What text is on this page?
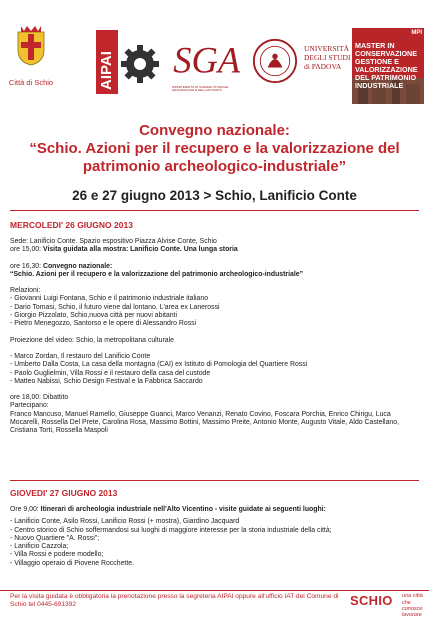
Città di Schio	AIPAI SGA
DIPARTIMENTO DI SCIENZE STORICHE GEOGRAFICHE E DELL'ANTICHITÀ
UNIVERSITÀ
DEGLI STUDI
di PADOVA
MPI
MASTER IN CONSERVAZIONE GESTIONE E VALORIZZAZIONE DEL PATRIMONIO INDUSTRIALE

Convegno nazionale:

“Schio. Azioni per il recupero e la valorizzazione del patrimonio archeologico-industriale”

26 e 27 giugno 2013 > Schio, Lanificio Conte
MERCOLEDI' 26 GIUGNO 2013

Sede: Lanificio Conte. Spazio espositivo Piazza Alvise Conte, Schio

ore 15,00: Visita guidata alla mostra: Lanificio Conte. Una lunga storia

ore 16,30: Convegno nazionale:

“Schio. Azioni per il recupero e la valorizzazione del patrimonio archeologico-industriale”

Relazioni:

- Giovanni Luigi Fontana, Schio e il patrimonio industriale italiano

- Dario Tomasi, Schio, il futuro viene dal lontano. L'area ex Lanerossi

- Giorgio Pizzolato, Schio,nuova città per nuovi abitanti

- Pietro Menegozzo, Santorso e le opere di Alessandro Rossi

Proiezione del video: Schio, la metropolitana culturale

- Marco Zordan, Il restauro del Lanificio Conte

- Umberto Dalla Costa, La casa della montagna (CAI) ex Istituto di Pomologia del Quartiere Rossi

- Paolo Guglielmin, Villa Rossi e il restauro della casa del custode

- Matteo Nabissi, Schio Design Festival e la Fabbrica Saccardo

ore 18,00: Dibattito

Partecipano:

Franco Mancuso, Manuel Ramello, Giuseppe Guanci, Marco Venanzi, Renato Covino, Foscara Porchia, Enrico Chirigu, Luca Mocarelli, Rossella Del Prete, Carolina Rosa, Massimo Bottini, Massimo Preite, Antonio Monte, Augusto Vitale, Aldo Castellano, Cristiana Torti, Rossella Maspoli

GIOVEDI' 27 GIUGNO 2013

Ore 9,00: Itinerari di archeologia industriale nell'Alto Vicentino - visite guidate ai seguenti luoghi:

- Lanificio Conte, Asilo Rossi, Lanificio Rossi (+ mostra), Giardino Jacquard

- Centro storico di Schio soffermandosi sui luoghi di maggiore interesse per la storia industriale della città;

- Nuovo Quartiere "A. Rossi";

- Lanificio Cazzola;

- Villa Rossi e podere modello;

- Villaggio operaio di Piovene Rocchette.

Per la visita guidata è obbligatoria la prenotazione presso la segreteria AIPAI oppure all'ufficio IAT del Comune di Schio tel 0445-691392	SCHIO una città
che conosce lavorare
